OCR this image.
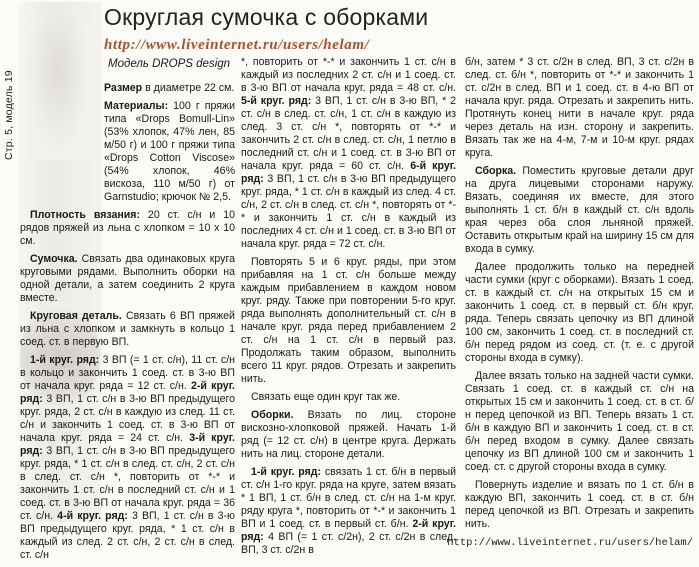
Стр. 5, модель 19
Округлая сумочка с оборками
http://www.liveinternet.ru/users/helam/
Модель DROPS design

Размер в диаметре 22 см.

Материалы: 100 г пряжи типа «Drops Bomull-Lin» (53% хлопок, 47% лен, 85 м/50 г) и 100 г пряжи типа «Drops Cotton Viscose» (54% хлопок, 46% вискоза, 110 м/50 г) от Garnstudio; крючок № 2,5.

Плотность вязания: 20 ст. с/н и 10 рядов пряжей из льна с хлопком = 10 x 10 см.

Сумочка. Связать два одинаковых круга круговыми рядами. Выполнить оборки на одной детали, а затем соединить 2 круга вместе.

Круговая деталь. Связать 6 ВП пряжей из льна с хлопком и замкнуть в кольцо 1 соед. ст. в первую ВП.

1-й круг. ряд: 3 ВП (= 1 ст. с/н), 11 ст. с/н в кольцо и закончить 1 соед. ст. в 3-ю ВП от начала круг. ряда = 12 ст. с/н. 2-й круг. ряд: 3 ВП, 1 ст. с/н в 3-ю ВП предыдущего круг. ряда, 2 ст. с/н в каждую из след. 11 ст. с/н и закончить 1 соед. ст. в 3-ю ВП от начала круг. ряда = 24 ст. с/н. 3-й круг. ряд: 3 ВП, 1 ст. с/н в 3-ю ВП предыдущего круг. ряда, * 1 ст. с/н в след. ст. с/н, 2 ст. с/н в след. ст. с/н *, повторить от *-* и закончить 1 ст. с/н в последний ст. с/н и 1 соед. ст. в 3-ю ВП от начала круг. ряда = 36 ст. с/н. 4-й круг. ряд: 3 ВП, 1 ст. с/н в 3-ю ВП предыдущего круг. ряда, * 1 ст. с/н в каждый из след. 2 ст. с/н, 2 ст. с/н в след. ст. с/н

*, повторить от *-* и закончить 1 ст. с/н в каждый из последних 2 ст. с/н и 1 соед. ст. в 3-ю ВП от начала круг. ряда = 48 ст. с/н. 5-й круг. ряд: 3 ВП, 1 ст. с/н в 3-ю ВП, * 2 ст. с/н в след. ст. с/н, 1 ст. с/н в каждую из след. 3 ст. с/н *, повторять от *-* и закончить 2 ст. с/н в след. ст. с/н, 1 петлю в последний ст. с/н и 1 соед. ст. в 3-ю ВП от начала круг. ряда = 60 ст. с/н. 6-й круг. ряд: 3 ВП, 1 ст. с/н в 3-ю ВП предыдущего круг. ряда, * 1 ст. с/н в каждый из след. 4 ст. с/н, 2 ст. с/н в след. ст. с/н *, повторять от *-* и закончить 1 ст. с/н в каждый из последних 4 ст. с/н и 1 соед. ст. в 3-ю ВП от начала круг. ряда = 72 ст. с/н.

Повторять 5 и 6 круг. ряды, при этом прибавляя на 1 ст. с/н больше между каждым прибавлением в каждом новом круг. ряду. Также при повторении 5-го круг. ряда выполнять дополнительный ст. с/н в начале круг. ряда перед прибавлением 2 ст. с/н на 1 ст. с/н в первый раз. Продолжать таким образом, выполнить всего 11 круг. рядов. Отрезать и закрепить нить.

Связать еще один круг так же.

Оборки. Вязать по лиц. стороне вискозно-хлопковой пряжей. Начать 1-й ряд (= 12 ст. с/н) в центре круга. Держать нить на лиц. стороне детали.

1-й круг. ряд: связать 1 ст. б/н в первый ст. с/н 1-го круг. ряда на круге, затем вязать * 1 ВП, 1 ст. б/н в след. ст. с/н на 1-м круг. ряду круга *, повторить от *-* и закончить 1 ВП и 1 соед. ст. в первый ст. б/н. 2-й круг. ряд: 4 ВП (= 1 ст. с/2н), 2 ст. с/2н в след. ВП, 3 ст. с/2н в

б/н, затем * 3 ст. с/2н в след. ВП, 3 ст. с/2н в след. ст. б/н *, повторить от *-* и закончить 1 ст. с/2н в след. ВП и 1 соед. ст. в 4-ю ВП от начала круг. ряда. Отрезать и закрепить нить. Протянуть конец нити в начале круг. ряда через деталь на изн. сторону и закрепить. Вязать так же на 4-м, 7-м и 10-м круг. рядах круга.

Сборка. Поместить круговые детали друг на друга лицевыми сторонами наружу. Вязать, соединяя их вместе, для этого выполнять 1 ст. б/н в каждый ст. с/н вдоль края через оба слоя льняной пряжей. Оставить открытым край на ширину 15 см для входа в сумку.

Далее продолжить только на передней части сумки (круг с оборками). Вязать 1 соед. ст. в каждый ст. с/н на открытых 15 см и закончить 1 соед. ст. в первый ст. б/н круг. ряда. Теперь связать цепочку из ВП длиной 100 см, закончить 1 соед. ст. в последний ст. б/н перед рядом из соед. ст. (т. е. с другой стороны входа в сумку).

Далее вязать только на задней части сумки. Связать 1 соед. ст. в каждый ст. с/н на открытых 15 см и закончить 1 соед. ст. в ст. б/н перед цепочкой из ВП. Теперь вязать 1 ст. б/н в каждую ВП и закончить 1 соед. ст. в ст. б/н перед входом в сумку. Далее связать цепочку из ВП длиной 100 см и закончить 1 соед. ст. с другой стороны входа в сумку.

Повернуть изделие и вязать по 1 ст. б/н в каждую ВП, закончить 1 соед. ст. в ст. б/н перед цепочкой из ВП. Отрезать и закрепить нить.

http://www.liveinternet.ru/users/helam/
